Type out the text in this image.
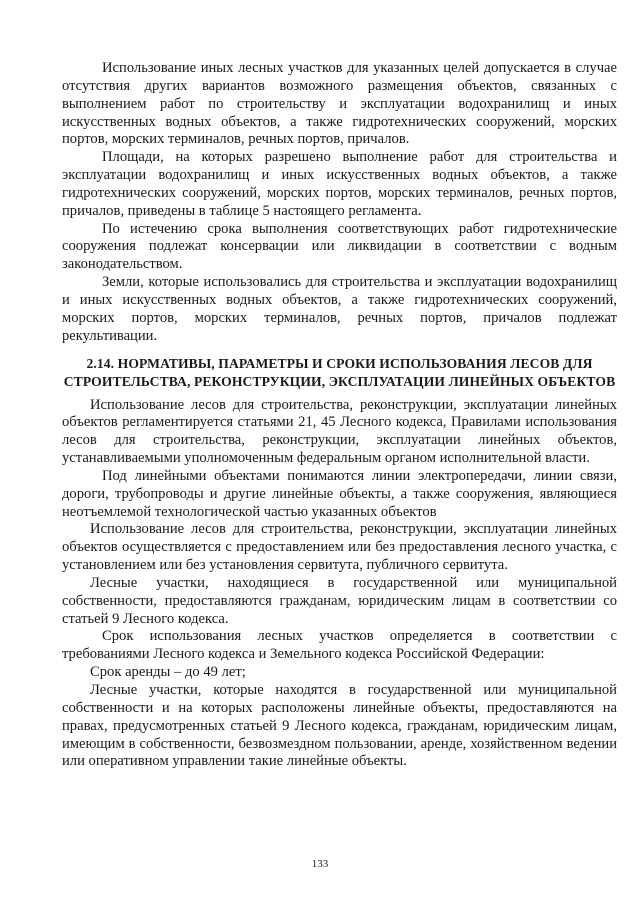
Использование иных лесных участков для указанных целей допускается в случае отсутствия других вариантов возможного размещения объектов, связанных с выполнением работ по строительству и эксплуатации водохранилищ и иных искусственных водных объектов, а также гидротехнических сооружений, морских портов, морских терминалов, речных портов, причалов.

Площади, на которых разрешено выполнение работ для строительства и эксплуатации водохранилищ и иных искусственных водных объектов, а также гидротехнических сооружений, морских портов, морских терминалов, речных портов, причалов, приведены в таблице 5 настоящего регламента.

По истечению срока выполнения соответствующих работ гидротехнические сооружения подлежат консервации или ликвидации в соответствии с водным законодательством.

Земли, которые использовались для строительства и эксплуатации водохранилищ и иных искусственных водных объектов, а также гидротехнических сооружений, морских портов, морских терминалов, речных портов, причалов подлежат рекультивации.

2.14. НОРМАТИВЫ, ПАРАМЕТРЫ И СРОКИ ИСПОЛЬЗОВАНИЯ ЛЕСОВ ДЛЯ
СТРОИТЕЛЬСТВА, РЕКОНСТРУКЦИИ, ЭКСПЛУАТАЦИИ ЛИНЕЙНЫХ ОБЪЕКТОВ

Использование лесов для строительства, реконструкции, эксплуатации линейных объектов регламентируется статьями 21, 45 Лесного кодекса, Правилами использования лесов для строительства, реконструкции, эксплуатации линейных объектов, устанавливаемыми уполномоченным федеральным органом исполнительной власти.

Под линейными объектами понимаются линии электропередачи, линии связи, дороги, трубопроводы и другие линейные объекты, а также сооружения, являющиеся неотъемлемой технологической частью указанных объектов

Использование лесов для строительства, реконструкции, эксплуатации линейных объектов осуществляется с предоставлением или без предоставления лесного участка, с установлением или без установления сервитута, публичного сервитута.

Лесные участки, находящиеся в государственной или муниципальной собственности, предоставляются гражданам, юридическим лицам в соответствии со статьей 9 Лесного кодекса.

Срок использования лесных участков определяется в соответствии с требованиями Лесного кодекса и Земельного кодекса Российской Федерации:

Срок аренды – до 49 лет;

Лесные участки, которые находятся в государственной или муниципальной собственности и на которых расположены линейные объекты, предоставляются на правах, предусмотренных статьей 9 Лесного кодекса, гражданам, юридическим лицам, имеющим в собственности, безвозмездном пользовании, аренде, хозяйственном ведении или оперативном управлении такие линейные объекты.

133
